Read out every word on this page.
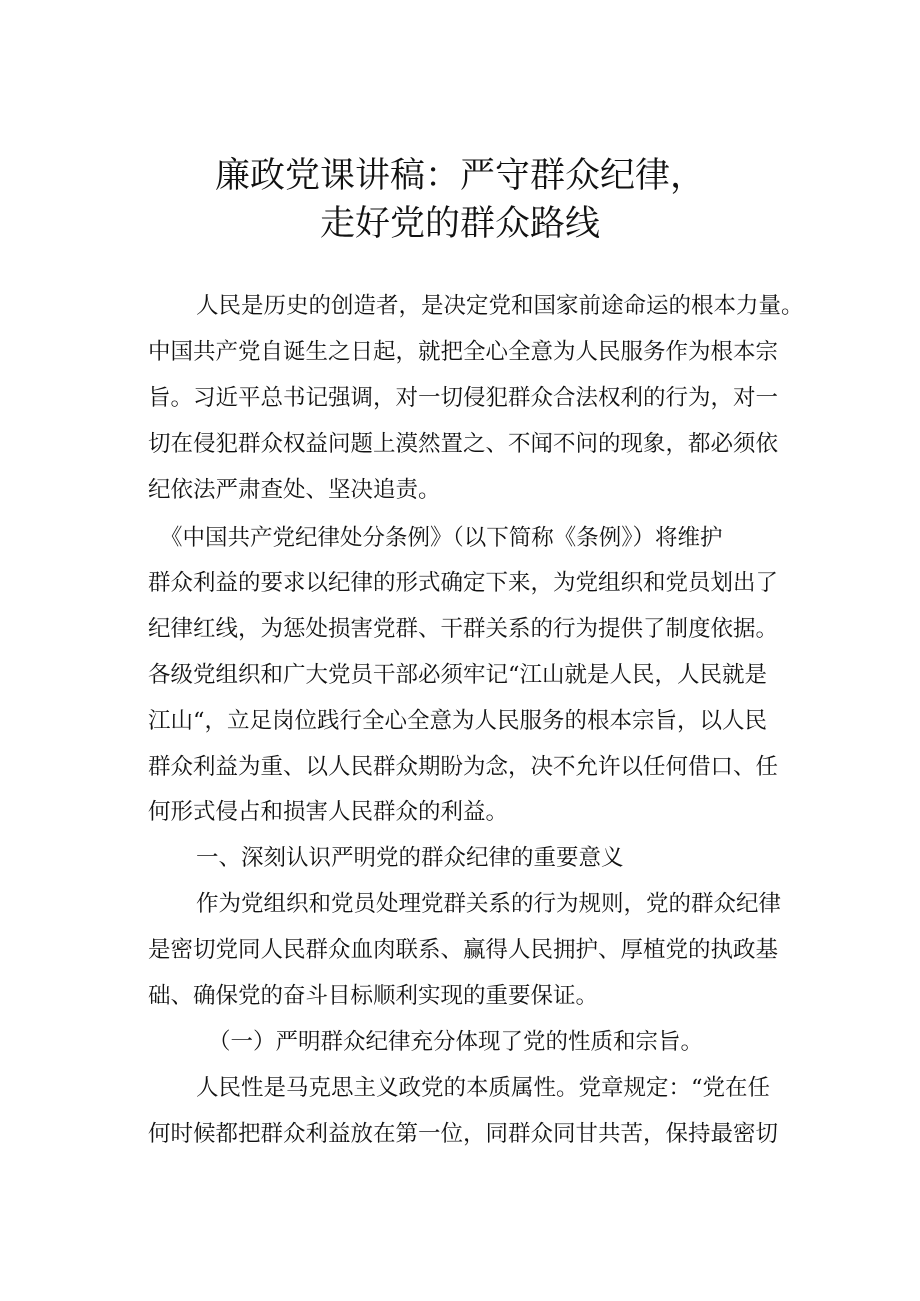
廉政党课讲稿：严守群众纪律，
走好党的群众路线
人民是历史的创造者，是决定党和国家前途命运的根本力量。
中国共产党自诞生之日起，就把全心全意为人民服务作为根本宗
旨。习近平总书记强调，对一切侵犯群众合法权利的行为，对一
切在侵犯群众权益问题上漠然置之、不闻不问的现象，都必须依
纪依法严肃查处、坚决追责。
《中国共产党纪律处分条例》（以下简称《条例》）将维护
群众利益的要求以纪律的形式确定下来，为党组织和党员划出了
纪律红线，为惩处损害党群、干群关系的行为提供了制度依据。
各级党组织和广大党员干部必须牢记“江山就是人民，人民就是
江山“，立足岗位践行全心全意为人民服务的根本宗旨，以人民
群众利益为重、以人民群众期盼为念，决不允许以任何借口、任
何形式侵占和损害人民群众的利益。
一、深刻认识严明党的群众纪律的重要意义
作为党组织和党员处理党群关系的行为规则，党的群众纪律
是密切党同人民群众血肉联系、赢得人民拥护、厚植党的执政基
础、确保党的奋斗目标顺利实现的重要保证。
（一）严明群众纪律充分体现了党的性质和宗旨。
人民性是马克思主义政党的本质属性。党章规定：“党在任
何时候都把群众利益放在第一位，同群众同甘共苦，保持最密切
